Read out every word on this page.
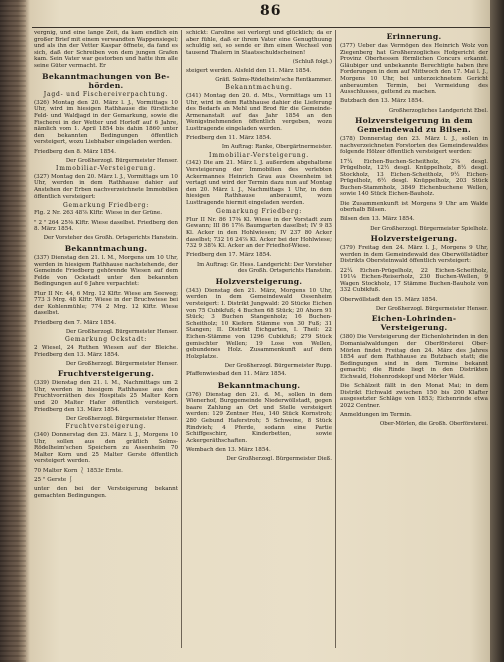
86
vergnig, und eine lange Zeit, da kam endlich ein großer Brief mit einem verwandten Wappensiegel; und als ihn der Vetter Kaspar öffnete, da fand es sich, daß der Schreiben von dem jungen Grafen kam. Sein Vater war gestorben und hatte ihm alle seine Güter vermacht. Er
Bekanntmachungen von Be-hörden.
Jagd- und Fischereiverpachtung.
(326) Montag den 20. März l. J., Vormittags 10 Uhr, wird im hiesigen Rathhause die fürstliche Feld- und Waldjagd in der Gemarkung, sowie die Fischerei in der Wetter und Horloff auf 6 Jahre, nämlich vom 1. April 1854 bis dahin 1860 unter den bekannten Bedingungen öffentlich versteigert, wozu Liebhaber eingeladen werden.
Friedberg den 8. März 1854.
Der Großherzogl. Bürgermeister Henser.
Immobiliar-Versteigerung.
(327) Montag den 20. März l. J., Vormittags um 10 Uhr, werden in dem Rathhause dahier auf Anstehen der Erben nachverzeichnete Immobilien öffentlich versteigert:
Gemarkung Friedberg:
Flg. 2 Nr. 263 48⅞ Klftr. Wiese in der Grüne.
" 2 " 264 25⅜ Klftr. Wiese daselbst. Friedberg den 8. März 1854.
Der Vorsteher des Großh. Ortsgerichts Hanstein.
Bekanntmachung.
(337) Dienstag den 21. l. M., Morgens um 10 Uhr, werden in hiesigem Rathhause nachstehende, der Gemeinde Friedberg gehörende Wiesen auf dem Felde von Ockstadt unter den bekannten Bedingungen auf 6 Jahre verpachtet:
Flur II Nr. 44, 6 Mrg. 12 Klftr. Wiese am Seeweg; 773 3 Mrg. 48 Klftr. Wiese in der Bruchwiese bei der Kohlenmühle; 774 2 Mrg. 12 Klftr. Wiese daselbst.
Friedberg den 7. März 1854.
Der Großherzogl. Bürgermeister Henser.
Gemarkung Ockstadt:
2 Wiesel, 24 Ruthen Wiesen auf der Bleiche. Friedberg den 13. März 1854.
Der Großherzogl. Bürgermeister Henser.
Fruchtversteigerung.
(339) Dienstag den 21. l. M., Nachmittags um 2 Uhr, werden in hiesigem Rathhause aus den Fruchtvorräthen des Hospitals 25 Malter Korn und 20 Malter Hafer öffentlich versteigert. Friedberg den 13. März 1854.
Der Großherzogl. Bürgermeister Henser.
Fruchtversteigerung.
(340) Donnerstag den 23. März l. J., Morgens 10 Uhr, sollen aus den gräflich Solms-Rödelheim'schen Speichern zu Assenheim 70 Malter Korn und 25 Malter Gerste öffentlich versteigert werden.
70 Malter Korn ⎱ 1853r Ernte.
25 " Gerste ⎰
unter den bei der Versteigerung bekannt gemachten Bedingungen.
schickt: Caroline sei verlorgt und glücklich; da er aber fühle, daß er ihrem Vater eine Genugthuung schuldig sei, so sende er ihm einen Wechsel von tausend Thalern in Staatsschuldscheinen!
(Schluß folgt.)
steigert werden. Alsfeld den 11. März 1854.
Gräfl. Solms-Rödelheim'sche Rentkammer.
Bekanntmachung.
(341) Montag den 20. d. Mts., Vormittags um 11 Uhr, wird in dem Rathhause dahier die Lieferung des Bedarfs an Mehl und Brod für die Gemeinde-Armenanstalt auf das Jahr 1854 an den Wenigstnehmenden öffentlich vergeben, wozu Lusttragende eingeladen werden.
Friedberg den 11. März 1854.
Im Auftrag: Ranke, Obergärtnermeister.
Immobiliar-Versteigerung.
(342) Die am 21. März l. J. außerdem abgehaltene Versteigerung der Immobilien des verlebten Ackermannes Heinrich Grau aus Ossenheim ist vertagt und wird der Termin dazu nun auf Montag den 20. März l. J., Nachmittags 1 Uhr, in dem hiesigen Rathhause anberaumt, wozu Lusttragende hiermit eingeladen werden.
Gemarkung Friedberg:
Flur II Nr. 86 17⅜ Kl. Wiese in der Vorstadt zum Gewann; III 86 17⅝ Baumgarten daselbst; IV 9 83 Kl. Acker in den Hohlwiesen; IV 237 80 Acker daselbst; 732 16 24⅞ Kl. Acker bei der Hohlwiese; 732 9 38⅞ Kl. Acker an der Friedhof-Wiese.
Friedberg den 17. März 1854.
Im Auftrag: Gr. Hess. Landgericht: Der Vorsteher des Großh. Ortsgerichts Hanstein.
Holzversteigerung.
(343) Dienstag den 21. März, Morgens 10 Uhr, werden in dem Gemeindewald Ossenheim versteigert: I. Distrikt Jungwald: 20 Stücke Eichen von 75 Cubikfuß; 4 Buchen 68 Stück; 20 Ahorn 91 Stück; 3 Buchen Stangenholz; 16 Buchen-Scheitholz; 10 Kiefern Stämme von 30 Fuß; 31 Stangen; II. Distrikt Eichgarten, I. Theil: 22 Eichen-Stämme von 1296 Cubikfuß; 279 Stück gemischter Wellen; 19 Lose von Wellen, gebundenes Holz. Zusammenkunft auf dem Holzplatze.
Der Großherzogl. Bürgermeister Rupp.
Pfaffenwiesbad den 11. März 1854.
Bekanntmachung.
(376) Dienstag den 21. d. M., sollen in dem Wienerhof, Burggemeinde Niederwöllstadt, gegen baare Zahlung an Ort und Stelle versteigert werden: 129 Zentner Heu, 140 Stück Kornstroh; 280 Gebund Haferstroh; 5 Schweine, 8 Stück Rindvieh; 4 Pferde, sodann eine Partie Schiffgeschirr, Kinderbetten, sowie Ackergeräthschaften.
Wembach den 13. März 1854.
Der Großherzogl. Bürgermeister Dieß.
Erinnerung.
(377) Ueber das Vermögen des Heinrich Wolz von Ziegenberg hat Großherzogliches Hofgericht der Provinz Oberhessen förmlichen Concurs erkannt. Gläubiger und unbekannte Berechtigte haben ihre Forderungen in dem auf Mittwoch den 17. Mai l. J., Morgens 10 Uhr, bei unterzeichnetem Gericht anberaumten Termin, bei Vermeidung des Ausschlusses, geltend zu machen.
Butzbach den 13. März 1854.
Großherzogliches Landgericht Ebel.
Holzversteigerung in dem Gemeindewald zu Bilsen.
(378) Donnerstag den 23. März l. J., sollen in nachverzeichneten Forstorten des Gemeindewaldes folgende Hölzer öffentlich versteigert werden:
17¼ Eichen-Buchen-Scheitholz, 2⅝ desgl. Prügelholz, 12½ desgl. Knüppelholz, 8½ desgl. Stockholz, 13 Eichen-Scheitholz, 9½ Eichen-Prügelholz, 6½ desgl. Knüppelholz, 203 Stück Buchen-Stammholz, 3849 Eichenbuchene Wellen, sowie 140 Stück Eichen-Bauholz.
Die Zusammenkunft ist Morgens 9 Uhr am Walde oberhalb Bilsen.
Bilsen den 13. März 1854.
Der Großherzogl. Bürgermeister Spielholz.
Holzversteigerung.
(379) Freitag den 24. März l. J., Morgens 9 Uhr, werden in dem Gemeindewald des Oberwöllstädter Distrikts Obersteinwald öffentlich versteigert:
22¼ Eichen-Prügelholz, 22 Eichen-Scheitholz, 191⅛ Eichen-Reiserholz, 230 Buchen-Wellen, 9 Wagen Stockholz, 17 Stämme Buchen-Bauholz von 332 Cubikfuß.
Oberwöllstadt den 15. März 1854.
Der Großherzogl. Bürgermeister Henser.
Eichen-Lohrinden-Versteigerung.
(380) Die Versteigerung der Eichenlohrinden in den Domanialwaldungen der Oberförsterei Ober-Mörlen findet Freitag den 24. März des Jahres 1854 auf dem Rathhause zu Butzbach statt; die Bedingungen sind in dem Termine bekannt gemacht; die Rinde liegt in den Distrikten Eichwald, Hohenrodskopf und Mörler Wald.
Die Schälzeit fällt in den Monat Mai; in dem Distrikt Eichwald zwischen 150 bis 200 Klafter ausgesetzter Schläge von 1853; Eichenrinde etwa 2022 Centner.
Anmeldungen im Termin.
Ober-Mörlen, die Großh. Oberförsterei.
